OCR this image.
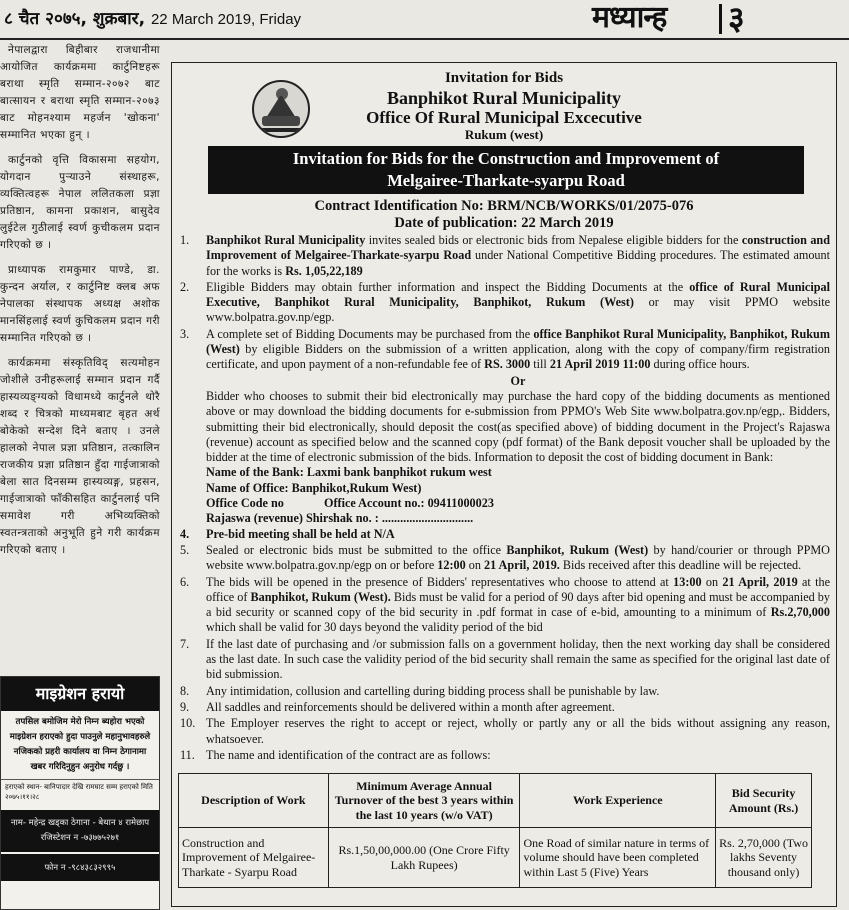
८ चैत २०७५, शुक्रबार, 22 March 2019, Friday	मध्यान्ह ३

नेपालद्वारा बिहीबार राजधानीमा आयोजित कार्यक्रममा कार्टुनिष्टहरू बराथा स्मृति सम्मान-२०७२ बाट बात्सायन र बराथा स्मृति सम्मान-२०७३ बाट मोहनश्याम महर्जन 'खोकना' सम्मानित भएका हुन् ।

कार्टुनको वृत्ति विकासमा सहयोग, योगदान पुर्‍याउने संस्थाहरू, व्यक्तित्वहरू नेपाल ललितकला प्रज्ञा प्रतिष्ठान, कामना प्रकाशन, बासुदेव लुईटेल गुठीलाई स्वर्ण कुचीकलम प्रदान गरिएको छ ।

प्राध्यापक रामकुमार पाण्डे, डा. कुन्दन अर्याल, र कार्टुनिष्ट क्लब अफ नेपालका संस्थापक अध्यक्ष अशोक मानसिंहलाई स्वर्ण कुचिकलम प्रदान गरी सम्मानित गरिएको छ ।

कार्यक्रममा संस्कृतिविद् सत्यमोहन जोशीले उनीहरूलाई सम्मान प्रदान गर्दै हास्यव्यङ्ग्यको विधामध्ये कार्टुनले थोरै शब्द र चित्रको माध्यमबाट बृहत अर्थ बोकेको सन्देश दिने बताए । उनले हालको नेपाल प्रज्ञा प्रतिष्ठान, तत्कालिन राजकीय प्रज्ञा प्रतिष्ठान हुँदा गाईजात्राको बेला सात दिनसम्म हास्यव्यङ्ग, प्रहसन, गाईजात्राको फाँकीसहित कार्टुनलाई पनि समावेश गरी अभिव्यक्तिको स्वतन्त्रताको अनुभूति हुने गरी कार्यक्रम गरिएको बताए ।

माइग्रेशन हरायो
तपसिल बमोजिम मेरो निम्न ब्यहोरा भएको माइग्रेशन हराएको हुदा पाउनुले महानुभावहरुले नजिकको प्रहरी कार्यालय वा निम्न ठेगानामा खबर गरिदिनुहुन अनुरोध गर्दछु ।
हराएको स्थान- बानिपादार देखि रामघाट सम्म हराएको मिति २०७५।११।२८
नाम- महेन्द्र खड्का ठेगाना - बेथान ४ रामेछाप रजिस्टेशन न -७३७७५२७१
फोन न -९८४३८३२९९५
Invitation for Bids
Banphikot Rural Municipality
Office Of Rural Municipal Excecutive
Rukum (west)
Invitation for Bids for the Construction and Improvement of
Melgairee-Tharkate-syarpu Road
Contract Identification No: BRM/NCB/WORKS/01/2075-076
Date of publication: 22 March 2019
1. Banphikot Rural Municipality invites sealed bids or electronic bids from Nepalese eligible bidders for the construction and Improvement of Melgairee-Tharkate-syarpu Road under National Competitive Bidding procedures. The estimated amount for the works is Rs. 1,05,22,189
2. Eligible Bidders may obtain further information and inspect the Bidding Documents at the office of Rural Municipal Executive, Banphikot Rural Municipality, Banphikot, Rukum (West) or may visit PPMO website www.bolpatra.gov.np/egp.
3. A complete set of Bidding Documents may be purchased from the office Banphikot Rural Municipality, Banphikot, Rukum (West) by eligible Bidders on the submission of a written application, along with the copy of company/firm registration certificate, and upon payment of a non-refundable fee of RS. 3000 till 21 April 2019 11:00 during office hours.
Or
Bidder who chooses to submit their bid electronically may purchase the hard copy of the bidding documents as mentioned above or may download the bidding documents for e-submission from PPMO's Web Site www.bolpatra.gov.np/egp,. Bidders, submitting their bid electronically, should deposit the cost(as specified above) of bidding document in the Project's Rajaswa (revenue) account as specified below and the scanned copy (pdf format) of the Bank deposit voucher shall be uploaded by the bidder at the time of electronic submission of the bids. Information to deposit the cost of bidding document in Bank:
Name of the Bank: Laxmi bank banphikot rukum west
Name of Office: Banphikot,Rukum West)
Office Code no	Office Account no.: 09411000023
Rajaswa (revenue) Shirshak no. : ..............................
4. Pre-bid meeting shall be held at N/A
5. Sealed or electronic bids must be submitted to the office Banphikot, Rukum (West) by hand/courier or through PPMO website www.bolpatra.gov.np/egp on or before 12:00 on 21 April, 2019. Bids received after this deadline will be rejected.
6. The bids will be opened in the presence of Bidders' representatives who choose to attend at 13:00 on 21 April, 2019 at the office of Banphikot, Rukum (West). Bids must be valid for a period of 90 days after bid opening and must be accompanied by a bid security or scanned copy of the bid security in .pdf format in case of e-bid, amounting to a minimum of Rs.2,70,000 which shall be valid for 30 days beyond the validity period of the bid
7. If the last date of purchasing and /or submission falls on a government holiday, then the next working day shall be considered as the last date. In such case the validity period of the bid security shall remain the same as specified for the original last date of bid submission.
8. Any intimidation, collusion and cartelling during bidding process shall be punishable by law.
9. All saddles and reinforcements should be delivered within a month after agreement.
10. The Employer reserves the right to accept or reject, wholly or partly any or all the bids without assigning any reason, whatsoever.
11. The name and identification of the contract are as follows:
Description of Work	Minimum Average Annual Turnover of the best 3 years within the last 10 years (w/o VAT)	Work Experience	Bid Security Amount (Rs.)
Construction and Improvement of Melgairee-Tharkate - Syarpu Road	Rs.1,50,00,000.00 (One Crore Fifty Lakh Rupees)	One Road of similar nature in terms of volume should have been completed within Last 5 (Five) Years	Rs. 2,70,000 (Two lakhs Seventy thousand only)
